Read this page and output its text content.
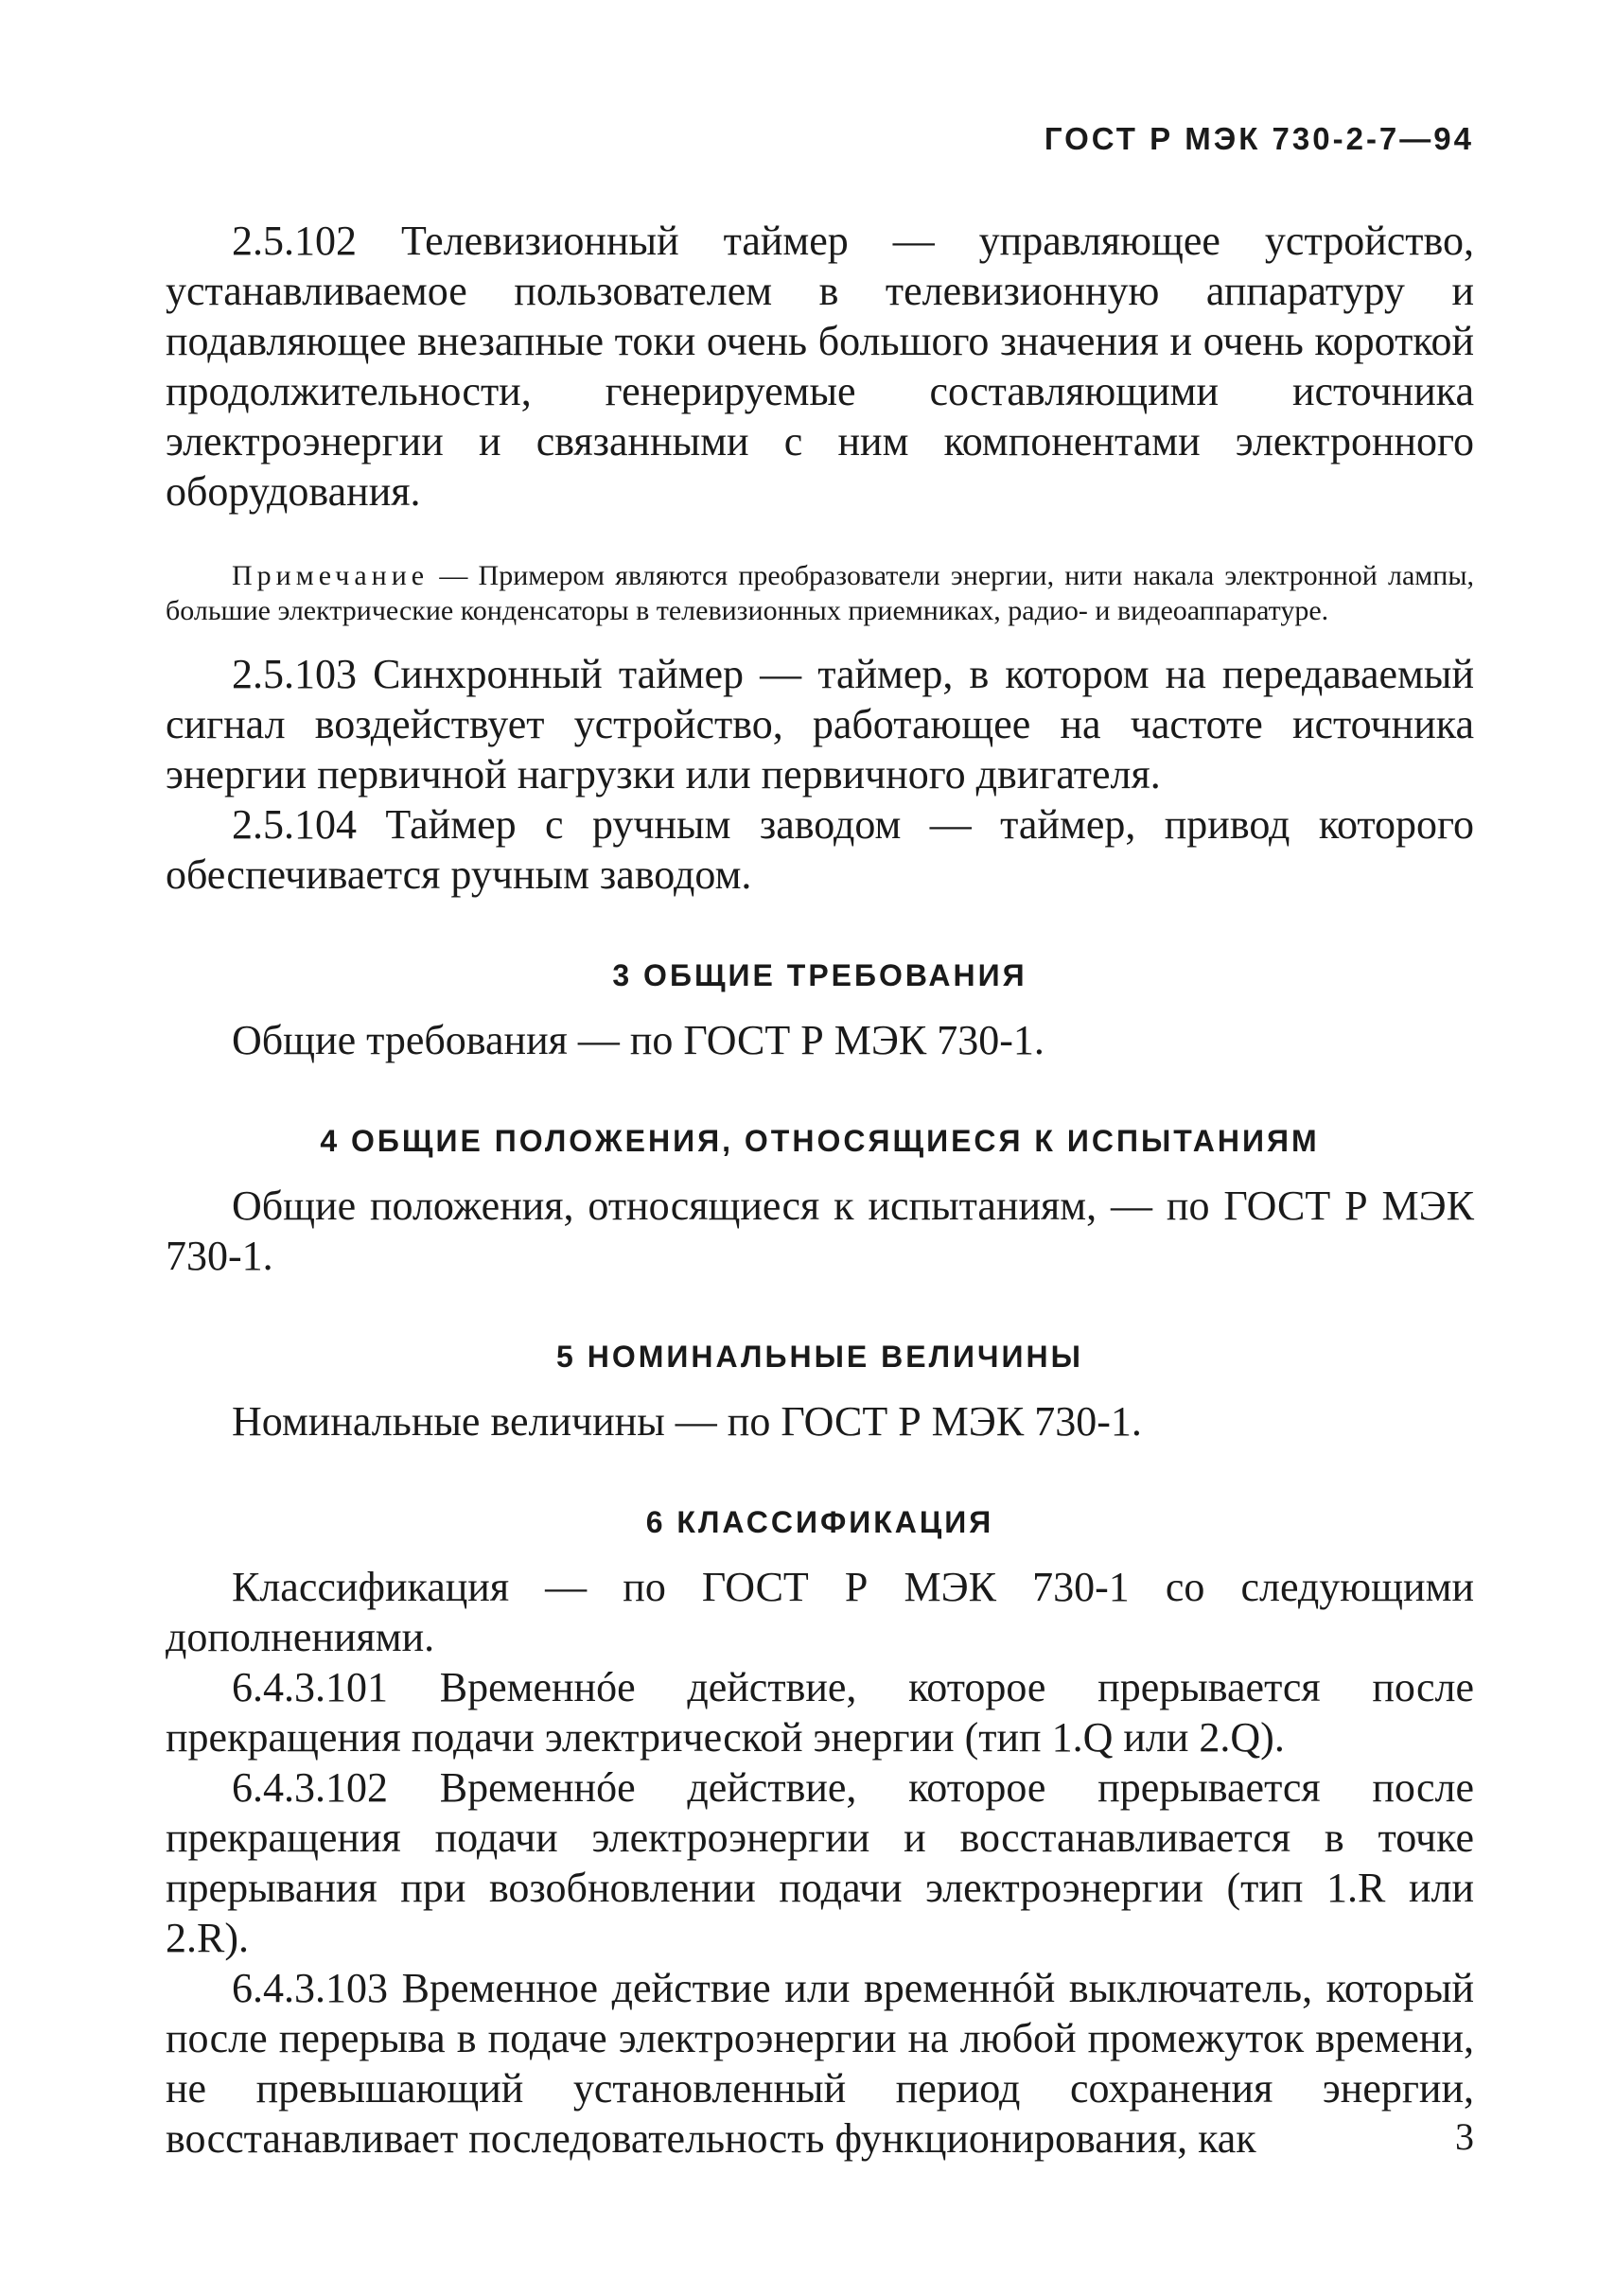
ГОСТ Р МЭК 730-2-7—94

2.5.102 Телевизионный таймер — управляющее устройство, устанавливаемое пользователем в телевизионную аппаратуру и подавляющее внезапные токи очень большого значения и очень короткой продолжительности, генерируемые составляющими источника электроэнергии и связанными с ним компонентами электронного оборудования.

Примечание — Примером являются преобразователи энергии, нити накала электронной лампы, большие электрические конденсаторы в телевизионных приемниках, радио- и видеоаппаратуре.

2.5.103 Синхронный таймер — таймер, в котором на передаваемый сигнал воздействует устройство, работающее на частоте источника энергии первичной нагрузки или первичного двигателя.

2.5.104 Таймер с ручным заводом — таймер, привод которого обеспечивается ручным заводом.

3 ОБЩИЕ ТРЕБОВАНИЯ

Общие требования — по ГОСТ Р МЭК 730-1.

4 ОБЩИЕ ПОЛОЖЕНИЯ, ОТНОСЯЩИЕСЯ К ИСПЫТАНИЯМ

Общие положения, относящиеся к испытаниям, — по ГОСТ Р МЭК 730-1.

5 НОМИНАЛЬНЫЕ ВЕЛИЧИНЫ

Номинальные величины — по ГОСТ Р МЭК 730-1.

6 КЛАССИФИКАЦИЯ

Классификация — по ГОСТ Р МЭК 730-1 со следующими дополнениями.

6.4.3.101 Временнóе действие, которое прерывается после прекращения подачи электрической энергии (тип 1.Q или 2.Q).

6.4.3.102 Временнóе действие, которое прерывается после прекращения подачи электроэнергии и восстанавливается в точке прерывания при возобновлении подачи электроэнергии (тип 1.R или 2.R).

6.4.3.103 Временное действие или временнóй выключатель, который после перерыва в подаче электроэнергии на любой промежуток времени, не превышающий установленный период сохранения энергии, восстанавливает последовательность функционирования, как	3
